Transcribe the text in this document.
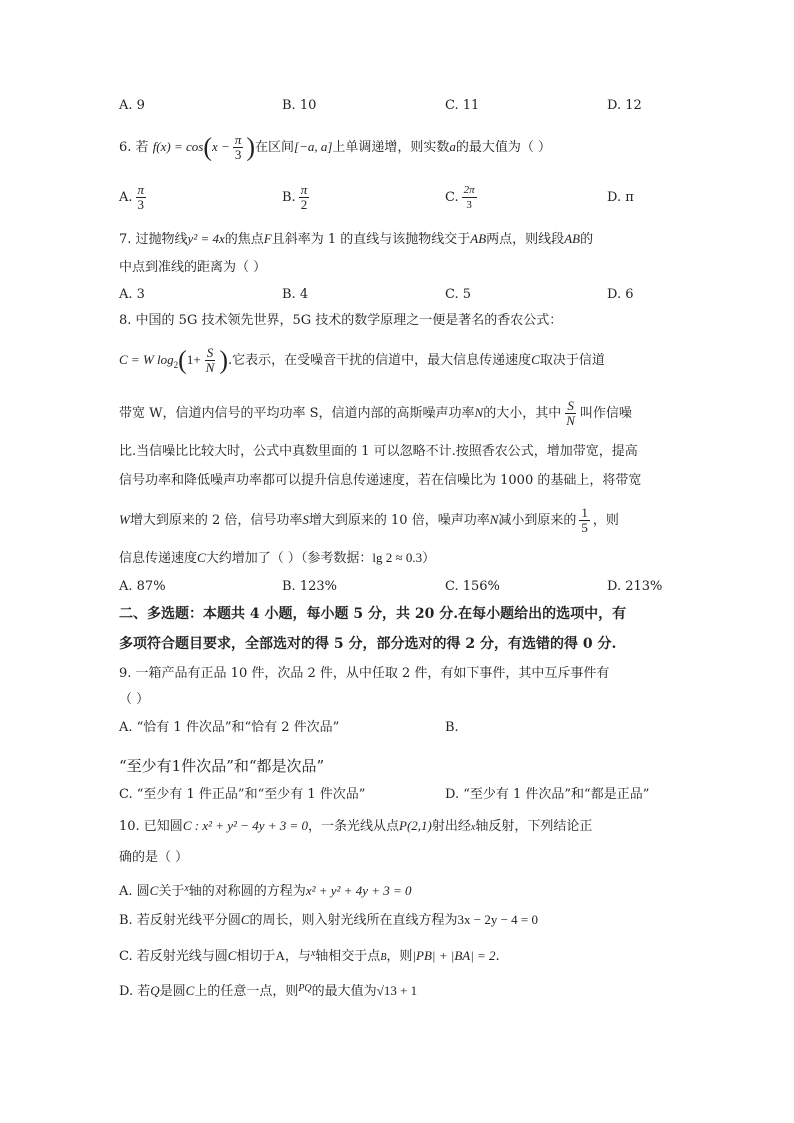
A. 9	B. 10	C. 11	D. 12
6. 若 $f(x) = \cos(x - \frac{\pi}{3}$ )在区间[−a, a]上单调递增，则实数a的最大值为（ ）
A. $\frac{\pi}{3}$	B. $\frac{\pi}{2}$	C. $\frac{2\pi}{3}$	D. π
7. 过抛物线y² = 4x的焦点F且斜率为 1 的直线与该抛物线交于AB两点，则线段AB的
中点到准线的距离为（ ）
A. 3	B. 4	C. 5	D. 6
8. 中国的 5G 技术领先世界，5G 技术的数学原理之一便是著名的香农公式：
C = W $\log_2(1+ \frac{S}{N}$ ).它表示，在受噪音干扰的信道中，最大信息传递速度C取决于信道
带宽 W，信道内信号的平均功率 S，信道内部的高斯噪声功率N的大小，其中 $\frac{S}{N}$ 叫作信噪
比.当信噪比比较大时，公式中真数里面的 1 可以忽略不计.按照香农公式，增加带宽，提高
信号功率和降低噪声功率都可以提升信息传递速度，若在信噪比为 1000 的基础上，将带宽
W增大到原来的 2 倍，信号功率S增大到原来的 10 倍，噪声功率N减小到原来的 $\frac{1}{5}$ ，则
信息传递速度C大约增加了（ ）（参考数据：lg 2 ≈ 0.3）
A. 87%	B. 123%	C. 156%	D. 213%
二、多选题：本题共 4 小题，每小题 5 分，共 20 分.在每小题给出的选项中，有
多项符合题目要求，全部选对的得 5 分，部分选对的得 2 分，有选错的得 0 分.
9. 一箱产品有正品 10 件，次品 2 件，从中任取 2 件，有如下事件，其中互斥事件有
（ ）
A. “恰有 1 件次品”和“恰有 2 件次品”	B.
“至少有1件次品”和“都是次品”
C. “至少有 1 件正品”和“至少有 1 件次品”	D. “至少有 1 件次品”和“都是正品”
10. 已知圆C : x² + y² − 4y + 3 = 0，一条光线从点P(2,1)射出经x轴反射，下列结论正
确的是（ ）
A. 圆C关于$^x$轴的对称圆的方程为x² + y² + 4y + 3 = 0
B. 若反射光线平分圆C的周长，则入射光线所在直线方程为3x − 2y − 4 = 0
C. 若反射光线与圆C相切于A，与$^x$轴相交于点B，则|PB| + |BA| = 2.
D. 若Q是圆C上的任意一点，则$^{PQ}$的最大值为√13 + 1
